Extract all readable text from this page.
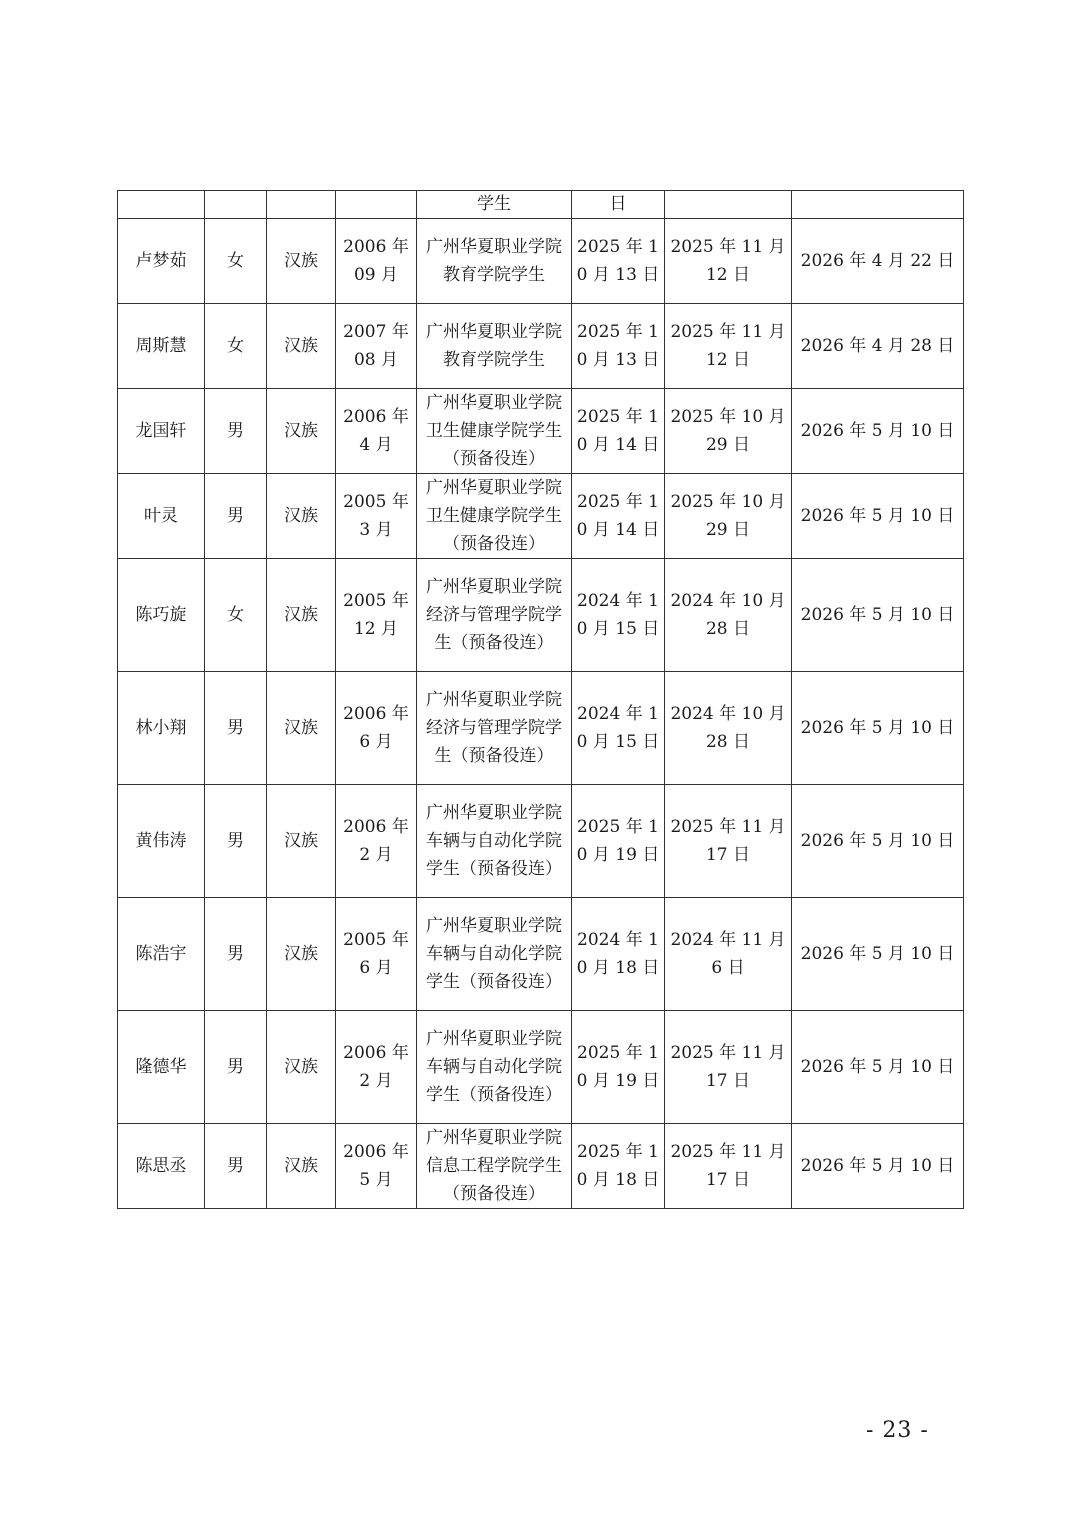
				学生	日		
卢梦茹	女	汉族	2006 年 09 月	广州华夏职业学院教育学院学生	2025 年 10 月 13 日	2025 年 11 月 12 日	2026 年 4 月 22 日
周斯慧	女	汉族	2007 年 08 月	广州华夏职业学院教育学院学生	2025 年 10 月 13 日	2025 年 11 月 12 日	2026 年 4 月 28 日
龙国轩	男	汉族	2006 年 4 月	广州华夏职业学院卫生健康学院学生（预备役连）	2025 年 10 月 14 日	2025 年 10 月 29 日	2026 年 5 月 10 日
叶灵	男	汉族	2005 年 3 月	广州华夏职业学院卫生健康学院学生（预备役连）	2025 年 10 月 14 日	2025 年 10 月 29 日	2026 年 5 月 10 日
陈巧旋	女	汉族	2005 年 12 月	广州华夏职业学院经济与管理学院学生（预备役连）	2024 年 10 月 15 日	2024 年 10 月 28 日	2026 年 5 月 10 日
林小翔	男	汉族	2006 年 6 月	广州华夏职业学院经济与管理学院学生（预备役连）	2024 年 10 月 15 日	2024 年 10 月 28 日	2026 年 5 月 10 日
黄伟涛	男	汉族	2006 年 2 月	广州华夏职业学院车辆与自动化学院学生（预备役连）	2025 年 10 月 19 日	2025 年 11 月 17 日	2026 年 5 月 10 日
陈浩宇	男	汉族	2005 年 6 月	广州华夏职业学院车辆与自动化学院学生（预备役连）	2024 年 10 月 18 日	2024 年 11 月 6 日	2026 年 5 月 10 日
隆德华	男	汉族	2006 年 2 月	广州华夏职业学院车辆与自动化学院学生（预备役连）	2025 年 10 月 19 日	2025 年 11 月 17 日	2026 年 5 月 10 日
陈思丞	男	汉族	2006 年 5 月	广州华夏职业学院信息工程学院学生（预备役连）	2025 年 10 月 18 日	2025 年 11 月 17 日	2026 年 5 月 10 日
- 23 -
